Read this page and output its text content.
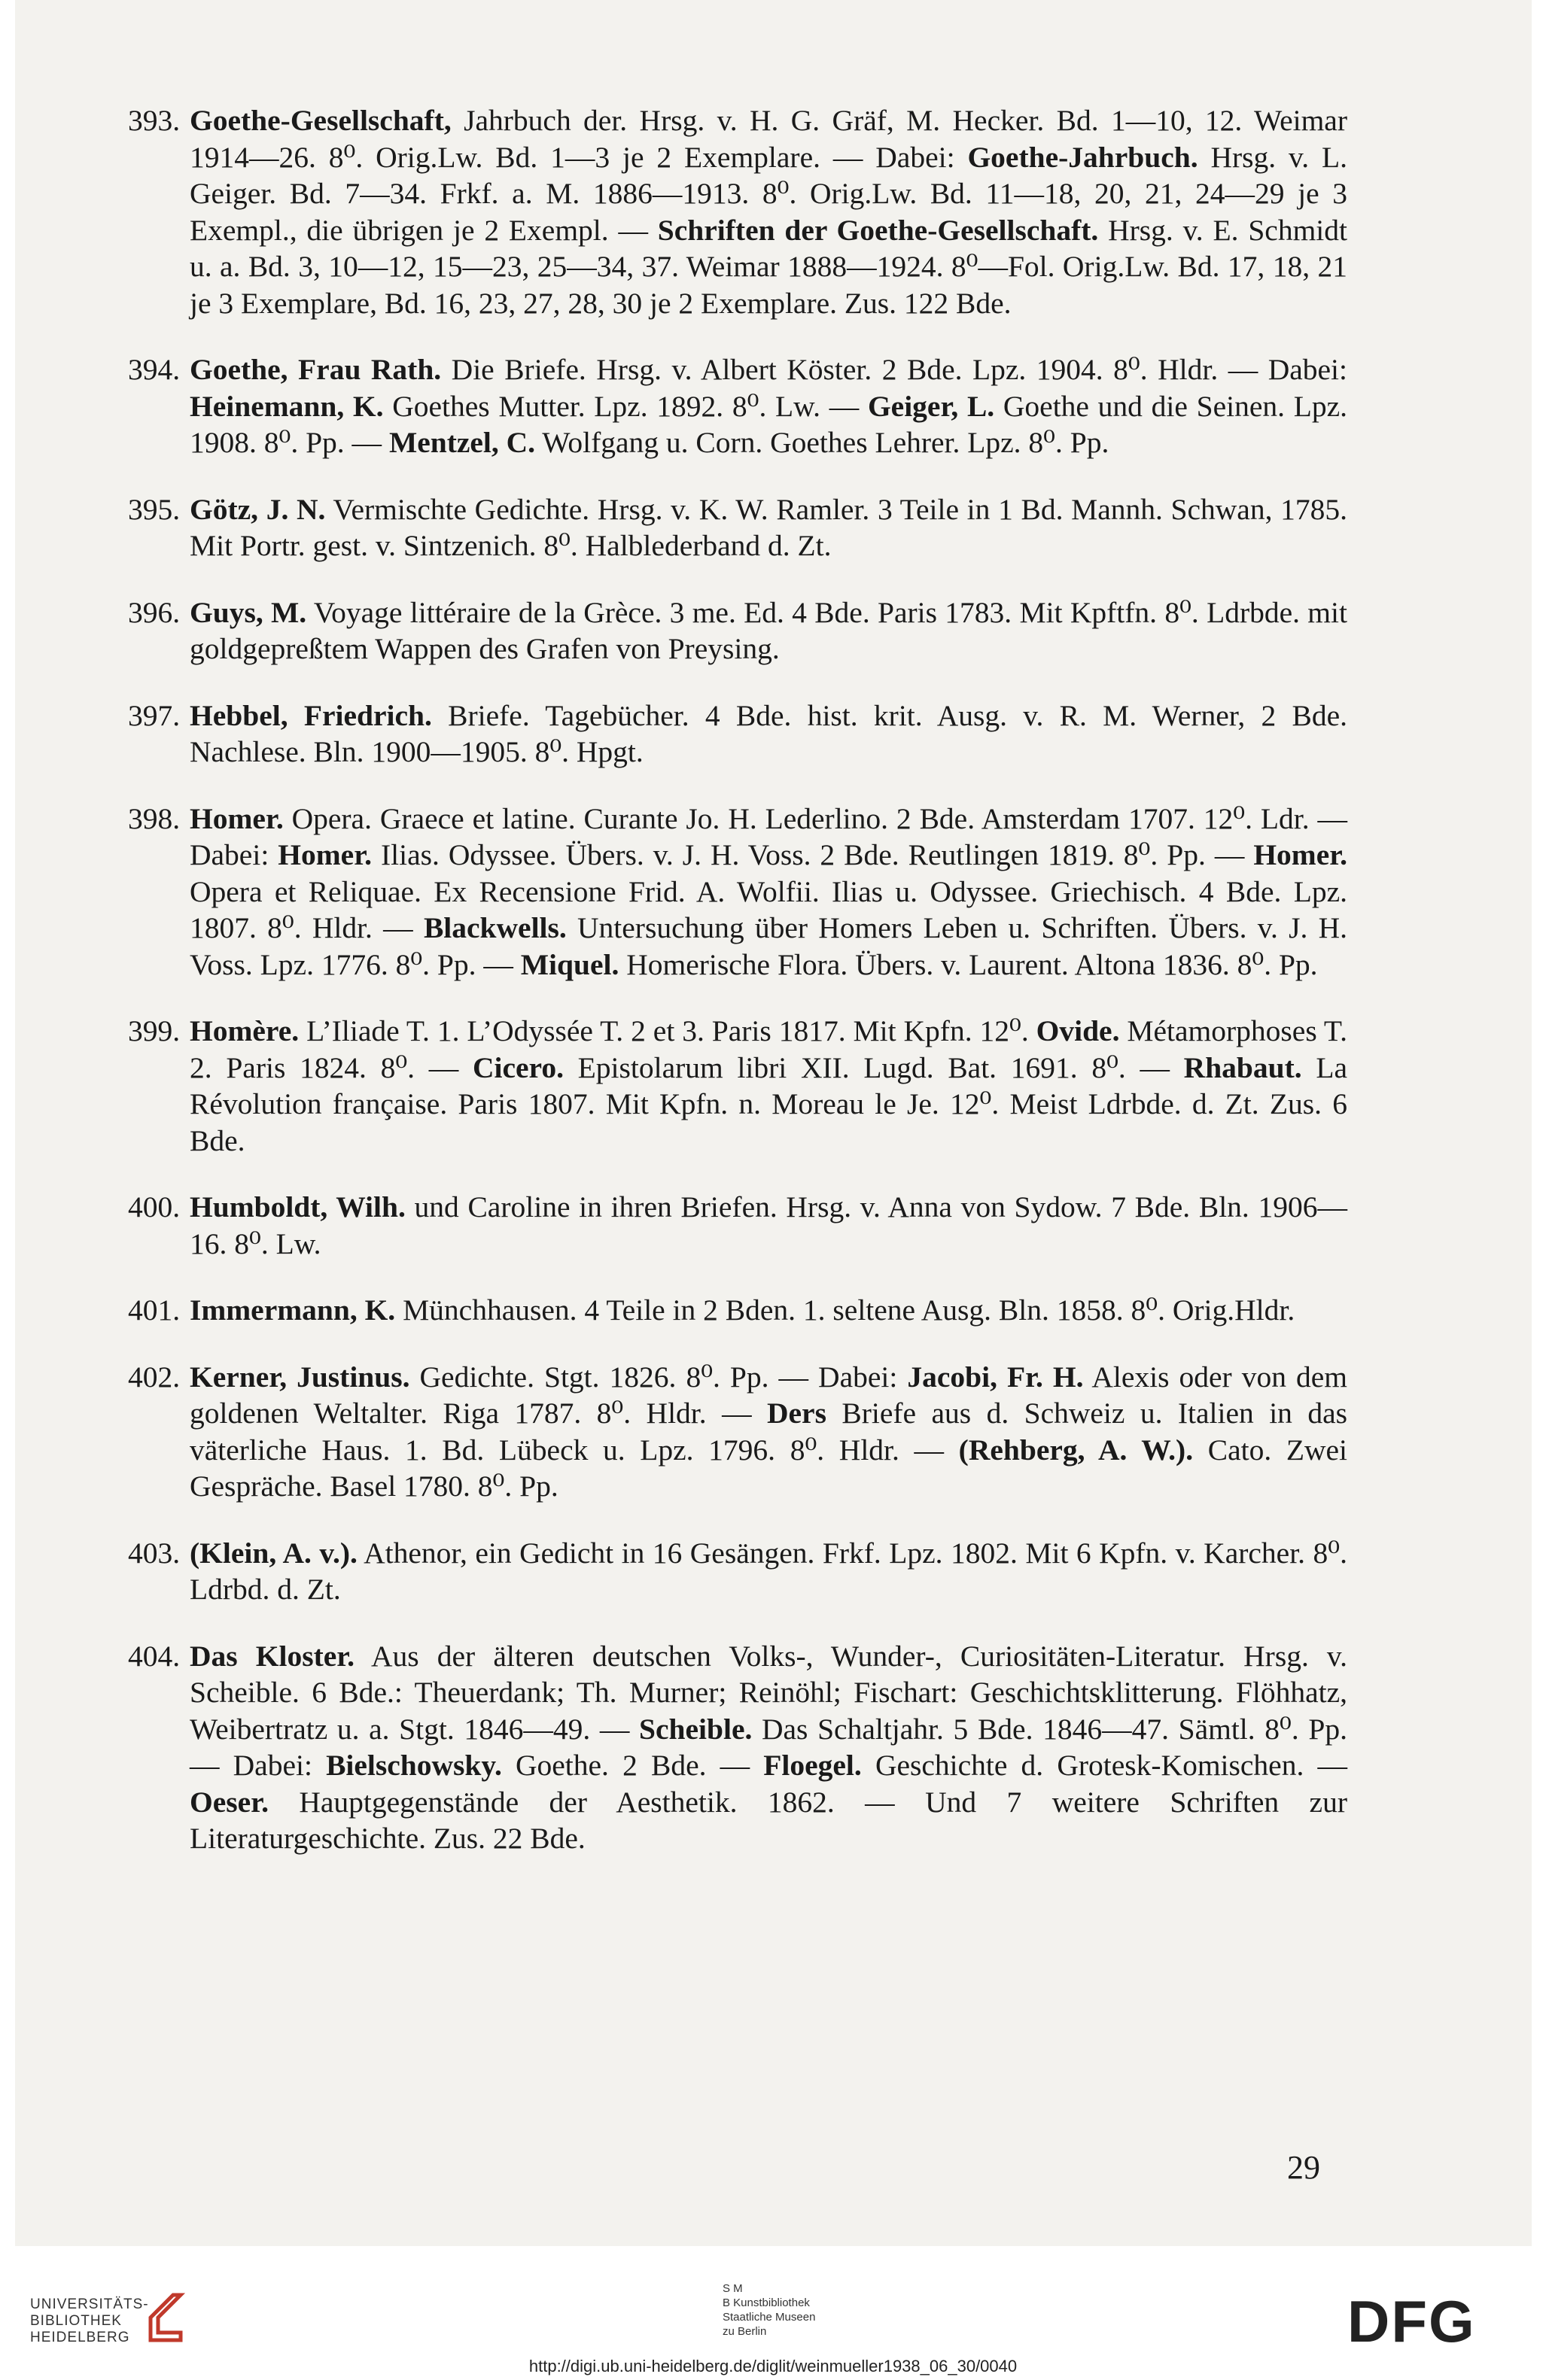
393. Goethe-Gesellschaft, Jahrbuch der. Hrsg. v. H. G. Gräf, M. Hecker. Bd. 1—10, 12. Weimar 1914—26. 8⁰. Orig.Lw. Bd. 1—3 je 2 Exemplare. — Dabei: Goethe-Jahrbuch. Hrsg. v. L. Geiger. Bd. 7—34. Frkf. a. M. 1886—1913. 8⁰. Orig.Lw. Bd. 11—18, 20, 21, 24—29 je 3 Exempl., die übrigen je 2 Exempl. — Schriften der Goethe-Gesellschaft. Hrsg. v. E. Schmidt u. a. Bd. 3, 10—12, 15—23, 25—34, 37. Weimar 1888—1924. 8⁰—Fol. Orig.Lw. Bd. 17, 18, 21 je 3 Exemplare, Bd. 16, 23, 27, 28, 30 je 2 Exemplare. Zus. 122 Bde.
394. Goethe, Frau Rath. Die Briefe. Hrsg. v. Albert Köster. 2 Bde. Lpz. 1904. 8⁰. Hldr. — Dabei: Heinemann, K. Goethes Mutter. Lpz. 1892. 8⁰. Lw. — Geiger, L. Goethe und die Seinen. Lpz. 1908. 8⁰. Pp. — Mentzel, C. Wolfgang u. Corn. Goethes Lehrer. Lpz. 8⁰. Pp.
395. Götz, J. N. Vermischte Gedichte. Hrsg. v. K. W. Ramler. 3 Teile in 1 Bd. Mannh. Schwan, 1785. Mit Portr. gest. v. Sintzenich. 8⁰. Halblederband d. Zt.
396. Guys, M. Voyage littéraire de la Grèce. 3 me. Ed. 4 Bde. Paris 1783. Mit Kpftfn. 8⁰. Ldrbde. mit goldgepreßtem Wappen des Grafen von Preysing.
397. Hebbel, Friedrich. Briefe. Tagebücher. 4 Bde. hist. krit. Ausg. v. R. M. Werner, 2 Bde. Nachlese. Bln. 1900—1905. 8⁰. Hpgt.
398. Homer. Opera. Graece et latine. Curante Jo. H. Lederlino. 2 Bde. Amsterdam 1707. 12⁰. Ldr. — Dabei: Homer. Ilias. Odyssee. Übers. v. J. H. Voss. 2 Bde. Reutlingen 1819. 8⁰. Pp. — Homer. Opera et Reliquae. Ex Recensione Frid. A. Wolfii. Ilias u. Odyssee. Griechisch. 4 Bde. Lpz. 1807. 8⁰. Hldr. — Blackwells. Untersuchung über Homers Leben u. Schriften. Übers. v. J. H. Voss. Lpz. 1776. 8⁰. Pp. — Miquel. Homerische Flora. Übers. v. Laurent. Altona 1836. 8⁰. Pp.
399. Homère. L’Iliade T. 1. L’Odyssée T. 2 et 3. Paris 1817. Mit Kpfn. 12⁰. Ovide. Métamorphoses T. 2. Paris 1824. 8⁰. — Cicero. Epistolarum libri XII. Lugd. Bat. 1691. 8⁰. — Rhabaut. La Révolution française. Paris 1807. Mit Kpfn. n. Moreau le Je. 12⁰. Meist Ldrbde. d. Zt. Zus. 6 Bde.
400. Humboldt, Wilh. und Caroline in ihren Briefen. Hrsg. v. Anna von Sydow. 7 Bde. Bln. 1906—16. 8⁰. Lw.
401. Immermann, K. Münchhausen. 4 Teile in 2 Bden. 1. seltene Ausg. Bln. 1858. 8⁰. Orig.Hldr.
402. Kerner, Justinus. Gedichte. Stgt. 1826. 8⁰. Pp. — Dabei: Jacobi, Fr. H. Alexis oder von dem goldenen Weltalter. Riga 1787. 8⁰. Hldr. — Ders Briefe aus d. Schweiz u. Italien in das väterliche Haus. 1. Bd. Lübeck u. Lpz. 1796. 8⁰. Hldr. — (Rehberg, A. W.). Cato. Zwei Gespräche. Basel 1780. 8⁰. Pp.
403. (Klein, A. v.). Athenor, ein Gedicht in 16 Gesängen. Frkf. Lpz. 1802. Mit 6 Kpfn. v. Karcher. 8⁰. Ldrbd. d. Zt.
404. Das Kloster. Aus der älteren deutschen Volks-, Wunder-, Curiositäten-Literatur. Hrsg. v. Scheible. 6 Bde.: Theuerdank; Th. Murner; Reinöhl; Fischart: Geschichtsklitterung. Flöhhatz, Weibertratz u. a. Stgt. 1846—49. — Scheible. Das Schaltjahr. 5 Bde. 1846—47. Sämtl. 8⁰. Pp. — Dabei: Bielschowsky. Goethe. 2 Bde. — Floegel. Geschichte d. Grotesk-Komischen. — Oeser. Hauptgegenstände der Aesthetik. 1862. — Und 7 weitere Schriften zur Literaturgeschichte. Zus. 22 Bde.
29
UNIVERSITÄTS-
BIBLIOTHEK
HEIDELBERG
S M
B Kunstbibliothek
Staatliche Museen
zu Berlin	DFG
http://digi.ub.uni-heidelberg.de/diglit/weinmueller1938_06_30/0040
